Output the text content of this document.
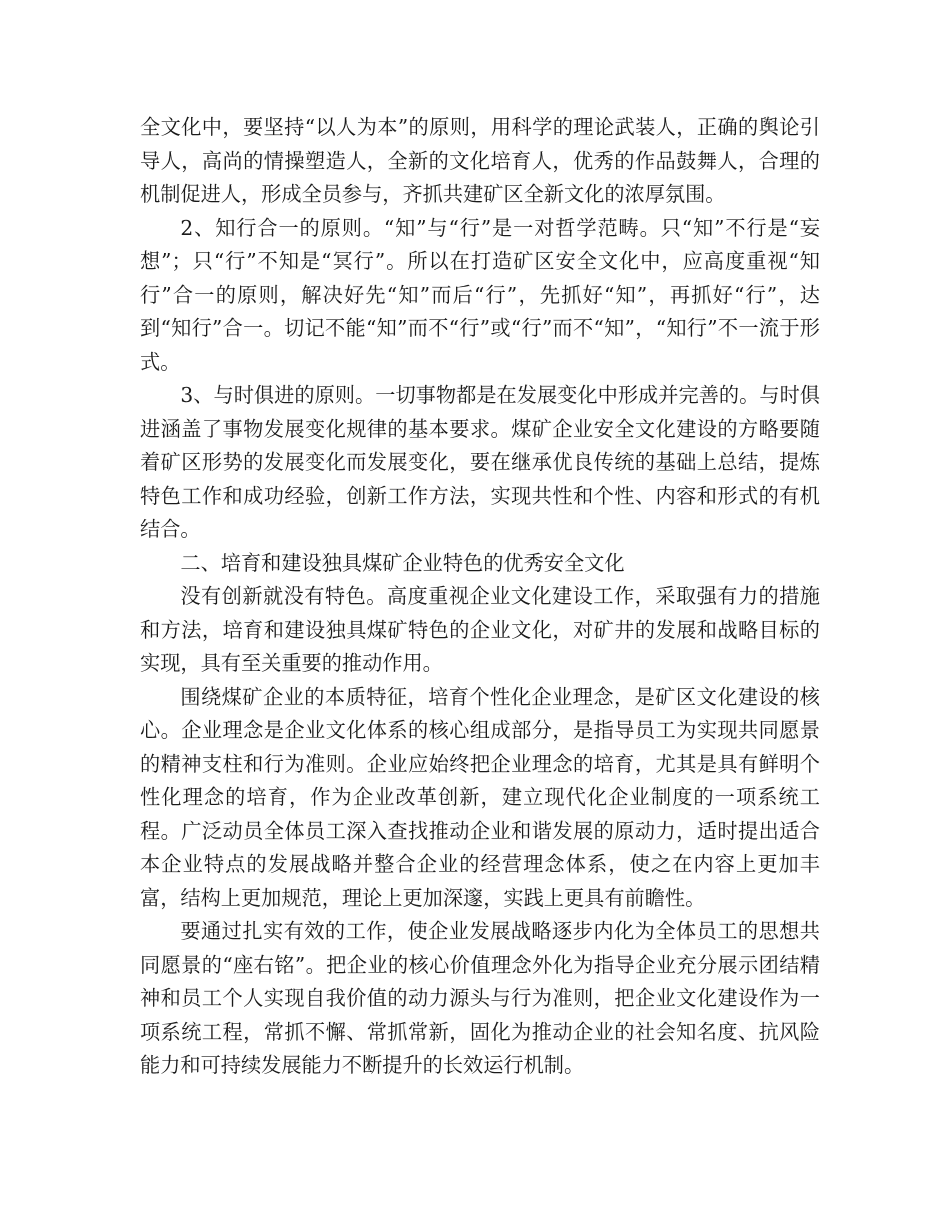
全文化中，要坚持“以人为本”的原则，用科学的理论武装人，正确的舆论引导人，高尚的情操塑造人，全新的文化培育人，优秀的作品鼓舞人，合理的机制促进人，形成全员参与，齐抓共建矿区全新文化的浓厚氛围。

2、知行合一的原则。“知”与“行”是一对哲学范畴。只“知”不行是“妄想”；只“行”不知是“冥行”。所以在打造矿区安全文化中，应高度重视“知行”合一的原则，解决好先“知”而后“行”，先抓好“知”，再抓好“行”，达到“知行”合一。切记不能“知”而不“行”或“行”而不“知”，“知行”不一流于形式。

3、与时俱进的原则。一切事物都是在发展变化中形成并完善的。与时俱进涵盖了事物发展变化规律的基本要求。煤矿企业安全文化建设的方略要随着矿区形势的发展变化而发展变化，要在继承优良传统的基础上总结，提炼特色工作和成功经验，创新工作方法，实现共性和个性、内容和形式的有机结合。

二、培育和建设独具煤矿企业特色的优秀安全文化

没有创新就没有特色。高度重视企业文化建设工作，采取强有力的措施和方法，培育和建设独具煤矿特色的企业文化，对矿井的发展和战略目标的实现，具有至关重要的推动作用。

围绕煤矿企业的本质特征，培育个性化企业理念，是矿区文化建设的核心。企业理念是企业文化体系的核心组成部分，是指导员工为实现共同愿景的精神支柱和行为准则。企业应始终把企业理念的培育，尤其是具有鲜明个性化理念的培育，作为企业改革创新，建立现代化企业制度的一项系统工程。广泛动员全体员工深入查找推动企业和谐发展的原动力，适时提出适合本企业特点的发展战略并整合企业的经营理念体系，使之在内容上更加丰富，结构上更加规范，理论上更加深邃，实践上更具有前瞻性。

要通过扎实有效的工作，使企业发展战略逐步内化为全体员工的思想共同愿景的“座右铭”。把企业的核心价值理念外化为指导企业充分展示团结精神和员工个人实现自我价值的动力源头与行为准则，把企业文化建设作为一项系统工程，常抓不懈、常抓常新，固化为推动企业的社会知名度、抗风险能力和可持续发展能力不断提升的长效运行机制。
